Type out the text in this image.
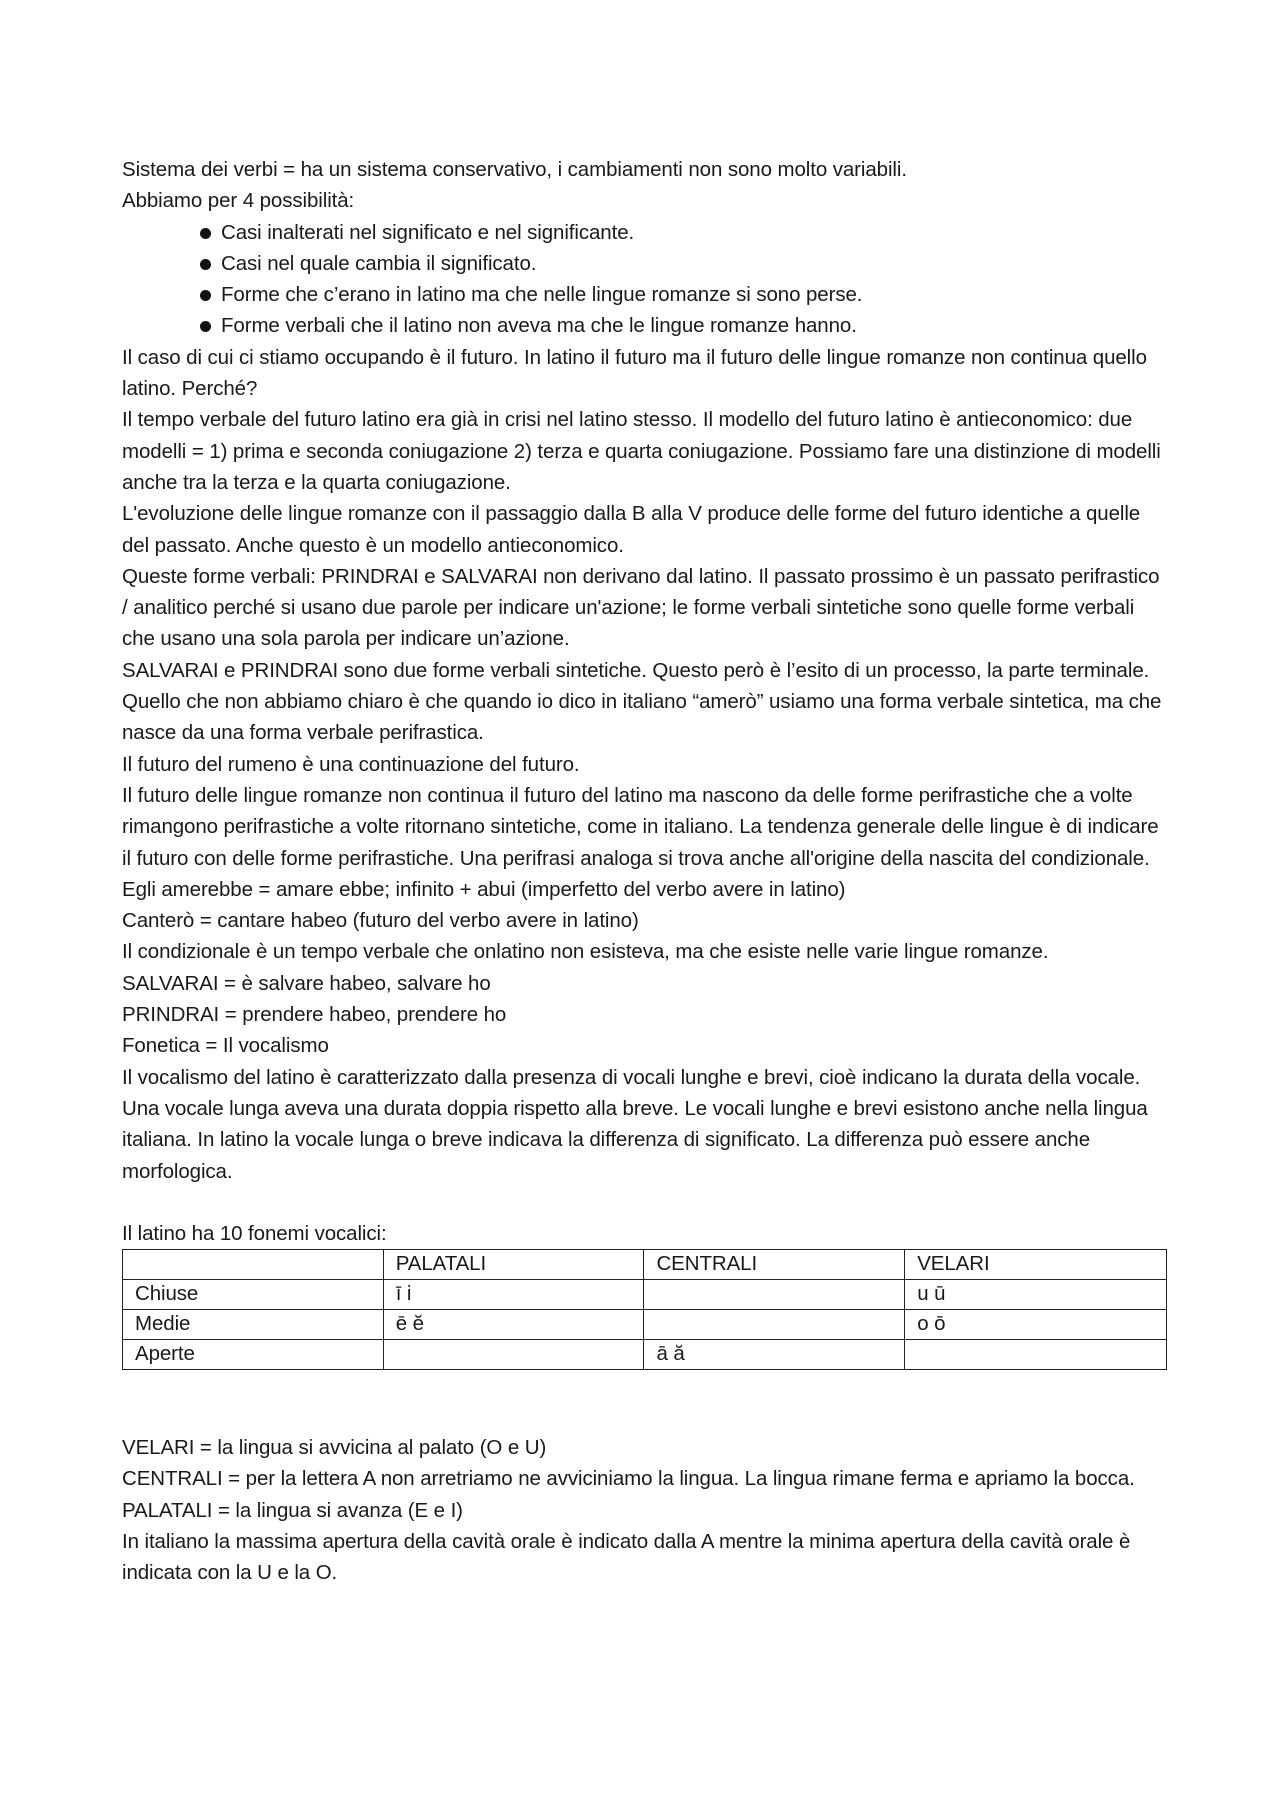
Sistema dei verbi = ha un sistema conservativo, i cambiamenti non sono molto variabili.

Abbiamo per 4 possibilità:

Casi inalterati nel significato e nel significante.
Casi nel quale cambia il significato.
Forme che c’erano in latino ma che nelle lingue romanze si sono perse.
Forme verbali che il latino non aveva ma che le lingue romanze hanno.

Il caso di cui ci stiamo occupando è il futuro. In latino il futuro ma il futuro delle lingue romanze non continua quello latino. Perché?

Il tempo verbale del futuro latino era già in crisi nel latino stesso. Il modello del futuro latino è antieconomico: due modelli = 1) prima e seconda coniugazione 2) terza e quarta coniugazione. Possiamo fare una distinzione di modelli anche tra la terza e la quarta coniugazione.

L'evoluzione delle lingue romanze con il passaggio dalla B alla V produce delle forme del futuro identiche a quelle del passato. Anche questo è un modello antieconomico.

Queste forme verbali: PRINDRAI e SALVARAI non derivano dal latino. Il passato prossimo è un passato perifrastico / analitico perché si usano due parole per indicare un'azione; le forme verbali sintetiche sono quelle forme verbali che usano una sola parola per indicare un’azione.

SALVARAI e PRINDRAI sono due forme verbali sintetiche. Questo però è l’esito di un processo, la parte terminale.

Quello che non abbiamo chiaro è che quando io dico in italiano “amerò” usiamo una forma verbale sintetica, ma che nasce da una forma verbale perifrastica.

Il futuro del rumeno è una continuazione del futuro.

Il futuro delle lingue romanze non continua il futuro del latino ma nascono da delle forme perifrastiche che a volte rimangono perifrastiche a volte ritornano sintetiche, come in italiano. La tendenza generale delle lingue è di indicare il futuro con delle forme perifrastiche. Una perifrasi analoga si trova anche all'origine della nascita del condizionale.

Egli amerebbe = amare ebbe; infinito + abui (imperfetto del verbo avere in latino)

Canterò = cantare habeo (futuro del verbo avere in latino)

Il condizionale è un tempo verbale che onlatino non esisteva, ma che esiste nelle varie lingue romanze.

SALVARAI = è salvare habeo, salvare ho

PRINDRAI = prendere habeo, prendere ho

Fonetica = Il vocalismo

Il vocalismo del latino è caratterizzato dalla presenza di vocali lunghe e brevi, cioè indicano la durata della vocale. Una vocale lunga aveva una durata doppia rispetto alla breve. Le vocali lunghe e brevi esistono anche nella lingua italiana. In latino la vocale lunga o breve indicava la differenza di significato. La differenza può essere anche morfologica.

Il latino ha 10 fonemi vocalici:

	PALATALI	CENTRALI	VELARI
Chiuse	ī i		u ū
Medie	ē ĕ		o ō
Aperte		ā ă	

VELARI = la lingua si avvicina al palato (O e U)

CENTRALI = per la lettera A non arretriamo ne avviciniamo la lingua. La lingua rimane ferma e apriamo la bocca.

PALATALI = la lingua si avanza (E e I)

In italiano la massima apertura della cavità orale è indicato dalla A mentre la minima apertura della cavità orale è indicata con la U e la O.
